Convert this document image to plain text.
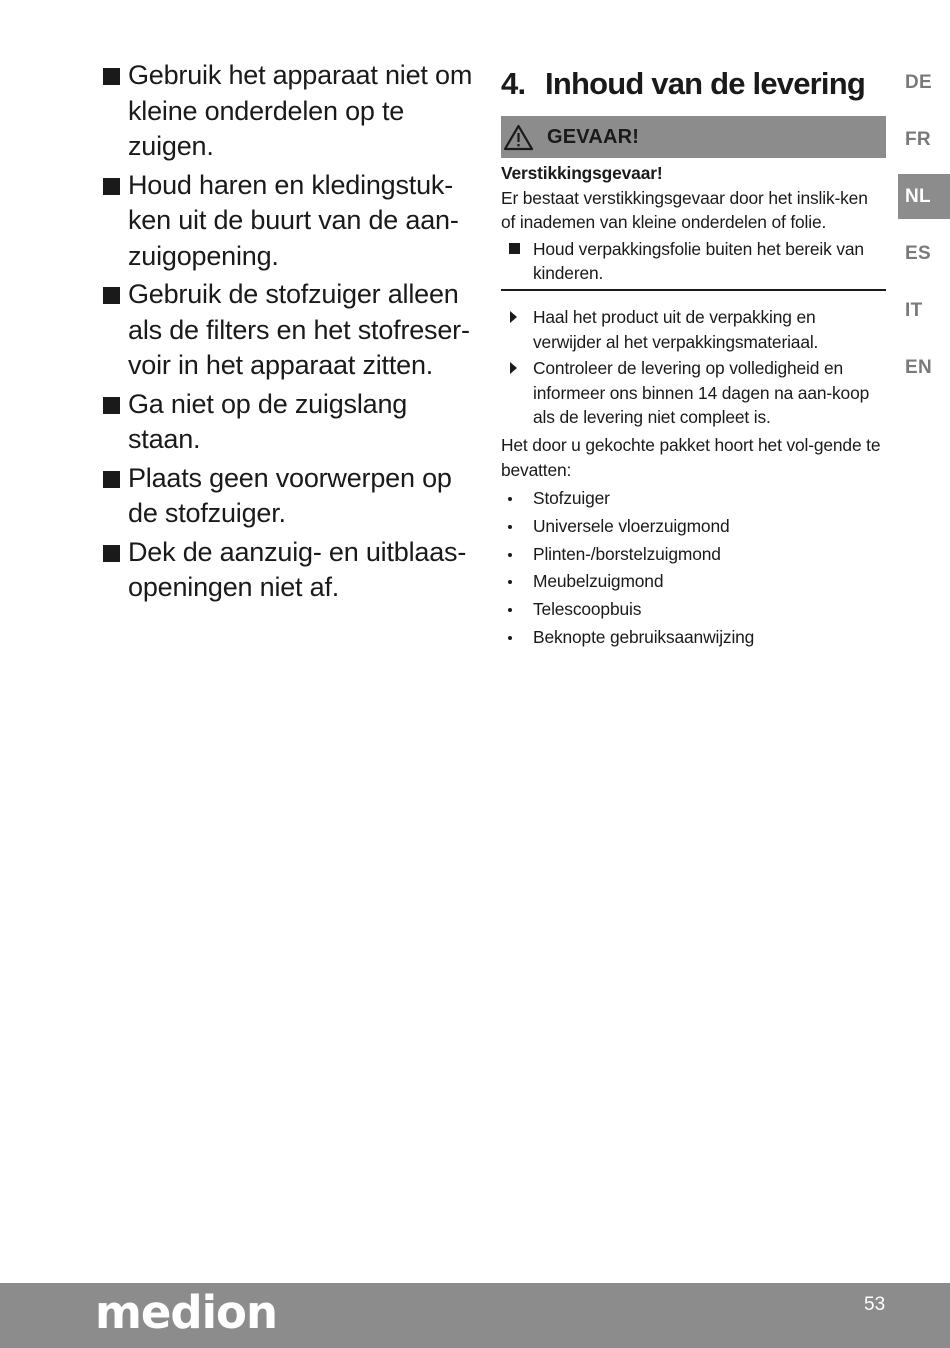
Gebruik het apparaat niet om kleine onderdelen op te zuigen.
Houd haren en kledingstuk-ken uit de buurt van de aan-zuigopening.
Gebruik de stofzuiger alleen als de filters en het stofreser-voir in het apparaat zitten.
Ga niet op de zuigslang staan.
Plaats geen voorwerpen op de stofzuiger.
Dek de aanzuig- en uitblaas-openingen niet af.
4. Inhoud van de levering
GEVAAR!
Verstikkingsgevaar!
Er bestaat verstikkingsgevaar door het inslik-ken of inademen van kleine onderdelen of folie.
Houd verpakkingsfolie buiten het bereik van kinderen.
Haal het product uit de verpakking en verwijder al het verpakkingsmateriaal.
Controleer de levering op volledigheid en informeer ons binnen 14 dagen na aan-koop als de levering niet compleet is.
Het door u gekochte pakket hoort het vol-gende te bevatten:
Stofzuiger
Universele vloerzuigmond
Plinten-/borstelzuigmond
Meubelzuigmond
Telescoopbuis
Beknopte gebruiksaanwijzing
DE
FR
NL
ES
IT
EN
medion	53
